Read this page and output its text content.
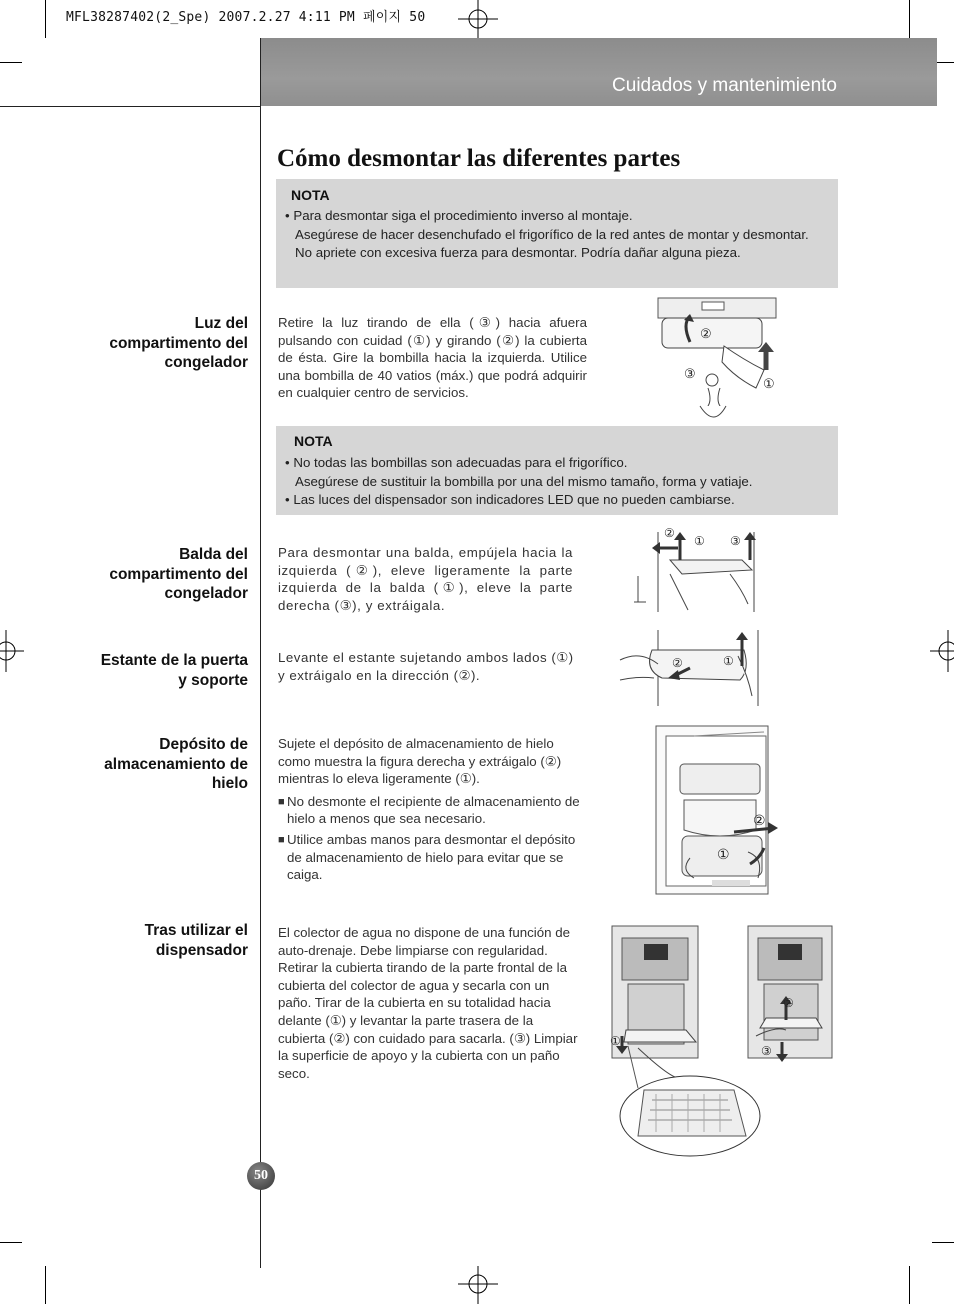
MFL38287402(2_Spe) 2007.2.27 4:11 PM 페이지 50
Cuidados y mantenimiento
Cómo desmontar las diferentes partes
NOTA
• Para desmontar siga el procedimiento inverso al montaje.
Asegúrese de hacer desenchufado el frigorífico de la red antes de montar y desmontar.
No apriete con excesiva fuerza para desmontar. Podría dañar alguna pieza.
Luz del compartimento del congelador
Retire la luz tirando de ella (③) hacia afuera pulsando con cuidad (①) y girando (②) la cubierta de ésta. Gire la bombilla hacia la izquierda. Utilice una bombilla de 40 vatios (máx.) que podrá adquirir en cualquier centro de servicios.
②
③
①
NOTA
• No todas las bombillas son adecuadas para el frigorífico.
Asegúrese de sustituir la bombilla por una del mismo tamaño, forma y vatiaje.
• Las luces del dispensador son indicadores LED que no pueden cambiarse.
Balda del compartimento del congelador
Para desmontar una balda, empújela hacia la izquierda (②), eleve ligeramente la parte izquierda de la balda (①), eleve la parte derecha (③), y extráigala.
②
① ③
Estante de la puerta y soporte
Levante el estante sujetando ambos lados (①) y extráigalo en la dirección (②).
②	①
Depósito de almacenamiento de hielo
Sujete el depósito de almacenamiento de hielo como muestra la figura derecha y extráigalo (②) mientras lo eleva ligeramente (①).
■ No desmonte el recipiente de almacenamiento de hielo a menos que sea necesario.
■ Utilice ambas manos para desmontar el depósito de almacenamiento de hielo para evitar que se caiga.
②
①
Tras utilizar el dispensador
El colector de agua no dispone de una función de auto-drenaje. Debe limpiarse con regularidad. Retirar la cubierta tirando de la parte frontal de la cubierta del colector de agua y secarla con un paño. Tirar de la cubierta en su totalidad hacia delante (①) y levantar la parte trasera de la cubierta (②) con cuidado para sacarla. (③) Limpiar la superficie de apoyo y la cubierta con un paño seco.
①
②
③
50
